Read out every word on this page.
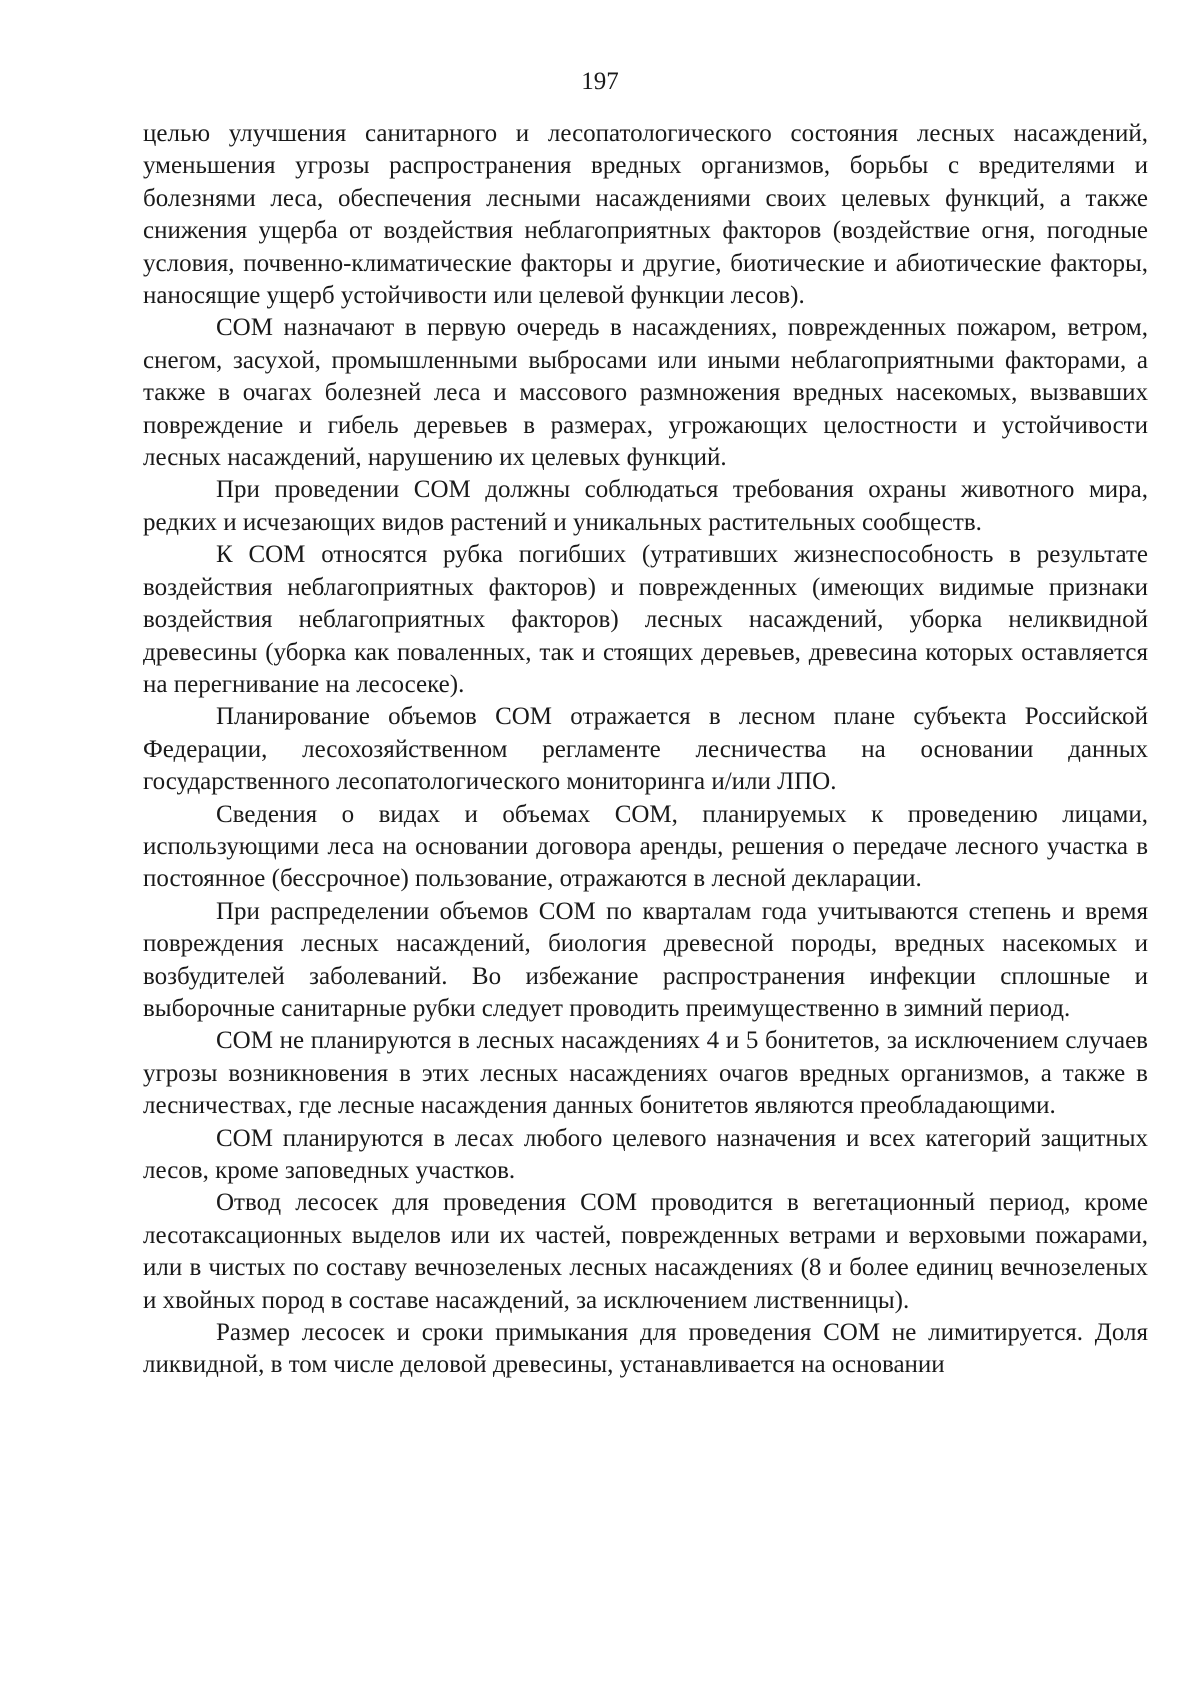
197

целью улучшения санитарного и лесопатологического состояния лесных насаждений, уменьшения угрозы распространения вредных организмов, борьбы с вредителями и болезнями леса, обеспечения лесными насаждениями своих целевых функций, а также снижения ущерба от воздействия неблагоприятных факторов (воздействие огня, погодные условия, почвенно-климатические факторы и другие, биотические и абиотические факторы, наносящие ущерб устойчивости или целевой функции лесов).

СОМ назначают в первую очередь в насаждениях, поврежденных пожаром, ветром, снегом, засухой, промышленными выбросами или иными неблагоприятными факторами, а также в очагах болезней леса и массового размножения вредных насекомых, вызвавших повреждение и гибель деревьев в размерах, угрожающих целостности и устойчивости лесных насаждений, нарушению их целевых функций.

При проведении СОМ должны соблюдаться требования охраны животного мира, редких и исчезающих видов растений и уникальных растительных сообществ.

К СОМ относятся рубка погибших (утративших жизнеспособность в результате воздействия неблагоприятных факторов) и поврежденных (имеющих видимые признаки воздействия неблагоприятных факторов) лесных насаждений, уборка неликвидной древесины (уборка как поваленных, так и стоящих деревьев, древесина которых оставляется на перегнивание на лесосеке).

Планирование объемов СОМ отражается в лесном плане субъекта Российской Федерации, лесохозяйственном регламенте лесничества на основании данных государственного лесопатологического мониторинга и/или ЛПО.

Сведения о видах и объемах СОМ, планируемых к проведению лицами, использующими леса на основании договора аренды, решения о передаче лесного участка в постоянное (бессрочное) пользование, отражаются в лесной декларации.

При распределении объемов СОМ по кварталам года учитываются степень и время повреждения лесных насаждений, биология древесной породы, вредных насекомых и возбудителей заболеваний. Во избежание распространения инфекции сплошные и выборочные санитарные рубки следует проводить преимущественно в зимний период.

СОМ не планируются в лесных насаждениях 4 и 5 бонитетов, за исключением случаев угрозы возникновения в этих лесных насаждениях очагов вредных организмов, а также в лесничествах, где лесные насаждения данных бонитетов являются преобладающими.

СОМ планируются в лесах любого целевого назначения и всех категорий защитных лесов, кроме заповедных участков.

Отвод лесосек для проведения СОМ проводится в вегетационный период, кроме лесотаксационных выделов или их частей, поврежденных ветрами и верховыми пожарами, или в чистых по составу вечнозеленых лесных насаждениях (8 и более единиц вечнозеленых и хвойных пород в составе насаждений, за исключением лиственницы).

Размер лесосек и сроки примыкания для проведения СОМ не лимитируется. Доля ликвидной, в том числе деловой древесины, устанавливается на основании
